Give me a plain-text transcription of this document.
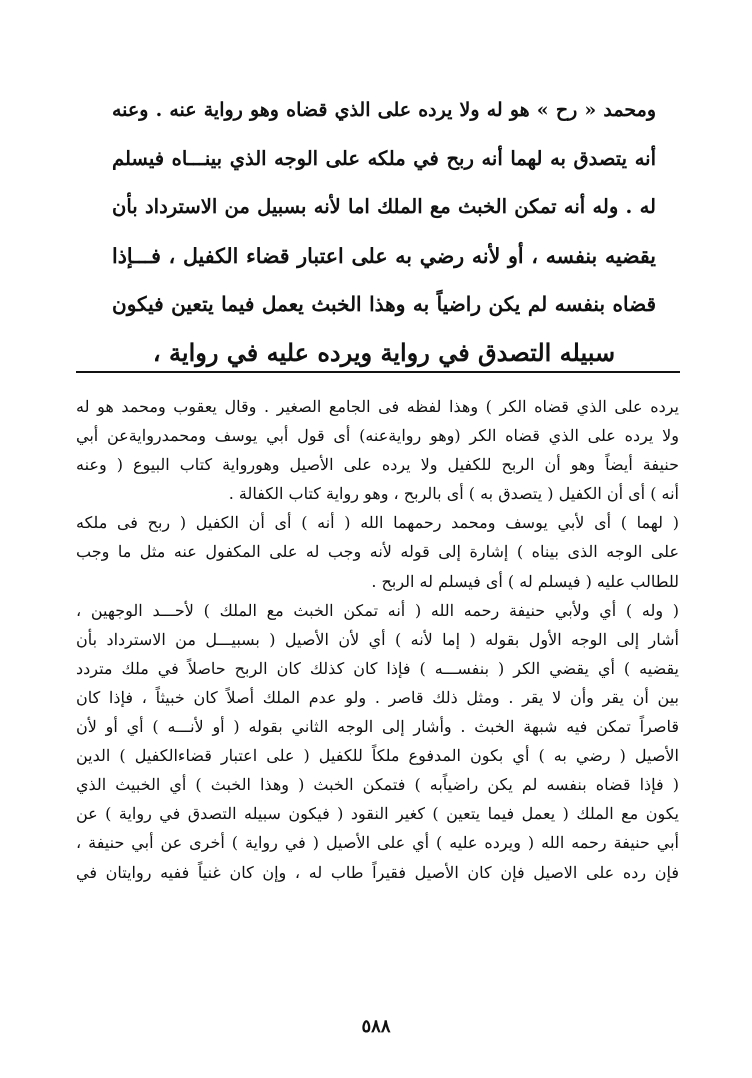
ومحمد « رح » هو له ولا يرده على الذي قضاه وهو رواية عنه . وعنه
أنه يتصدق به لهما أنه ربح في ملكه على الوجه الذي بينـــاه فيسلم
له . وله أنه تمكن الخبث مع الملك اما لأنه بسبيل من الاسترداد بأن
يقضيه بنفسه ، أو لأنه رضي به على اعتبار قضاء الكفيل ، فـــإذا
قضاه بنفسه لم يكن راضياً به وهذا الخبث يعمل فيما يتعين فيكون
سبيله التصدق في رواية ويرده عليه في رواية ،
يرده على الذي قضاه الكر ) وهذا لفظه فى الجامع الصغير . وقال يعقوب ومحمد هو له
ولا يرده على الذي قضاه الكر (وهو روايةعنه) أى قول أبي يوسف ومحمدروايةعن أبي
حنيفة أيضاً وهو أن الربح للكفيل ولا يرده على الأصيل وهورواية كتاب البيوع ( وعنه
أنه ) أى أن الكفيل ( يتصدق به ) أى بالربح ، وهو رواية كتاب الكفالة .
( لهما ) أى لأبي يوسف ومحمد رحمهما الله ( أنه ) أى أن الكفيل ( ربح فى ملكه
على الوجه الذى بيناه ) إشارة إلى قوله لأنه وجب له على المكفول عنه مثل ما وجب
للطالب عليه ( فيسلم له ) أى فيسلم له الربح .
( وله ) أي ولأبي حنيفة رحمه الله ( أنه تمكن الخبث مع الملك ) لأحـــد الوجهين ،
أشار إلى الوجه الأول بقوله ( إما لأنه ) أي لأن الأصيل ( بسبيـــل من الاسترداد بأن
يقضيه ) أي يقضي الكر ( بنفســـه ) فإذا كان كذلك كان الربح حاصلاً في ملك متردد
بين أن يقر وأن لا يقر . ومثل ذلك قاصر . ولو عدم الملك أصلاً كان خبيثاً ، فإذا كان
قاصراً تمكن فيه شبهة الخبث . وأشار إلى الوجه الثاني بقوله ( أو لأنـــه ) أي أو لأن
الأصيل ( رضي به ) أي بكون المدفوع ملكاً للكفيل ( على اعتبار قضاءالكفيل ) الدين
( فإذا قضاه بنفسه لم يكن راضياًبه ) فتمكن الخبث ( وهذا الخبث ) أي الخبيث الذي
يكون مع الملك ( يعمل فيما يتعين ) كغير النقود ( فيكون سبيله التصدق في رواية ) عن
أبي حنيفة رحمه الله ( ويرده عليه ) أي على الأصيل ( في رواية ) أخرى عن أبي حنيفة ،
فإن رده على الاصيل فإن كان الأصيل فقيراً طاب له ، وإن كان غنياً ففيه روايتان في
٥٨٨
